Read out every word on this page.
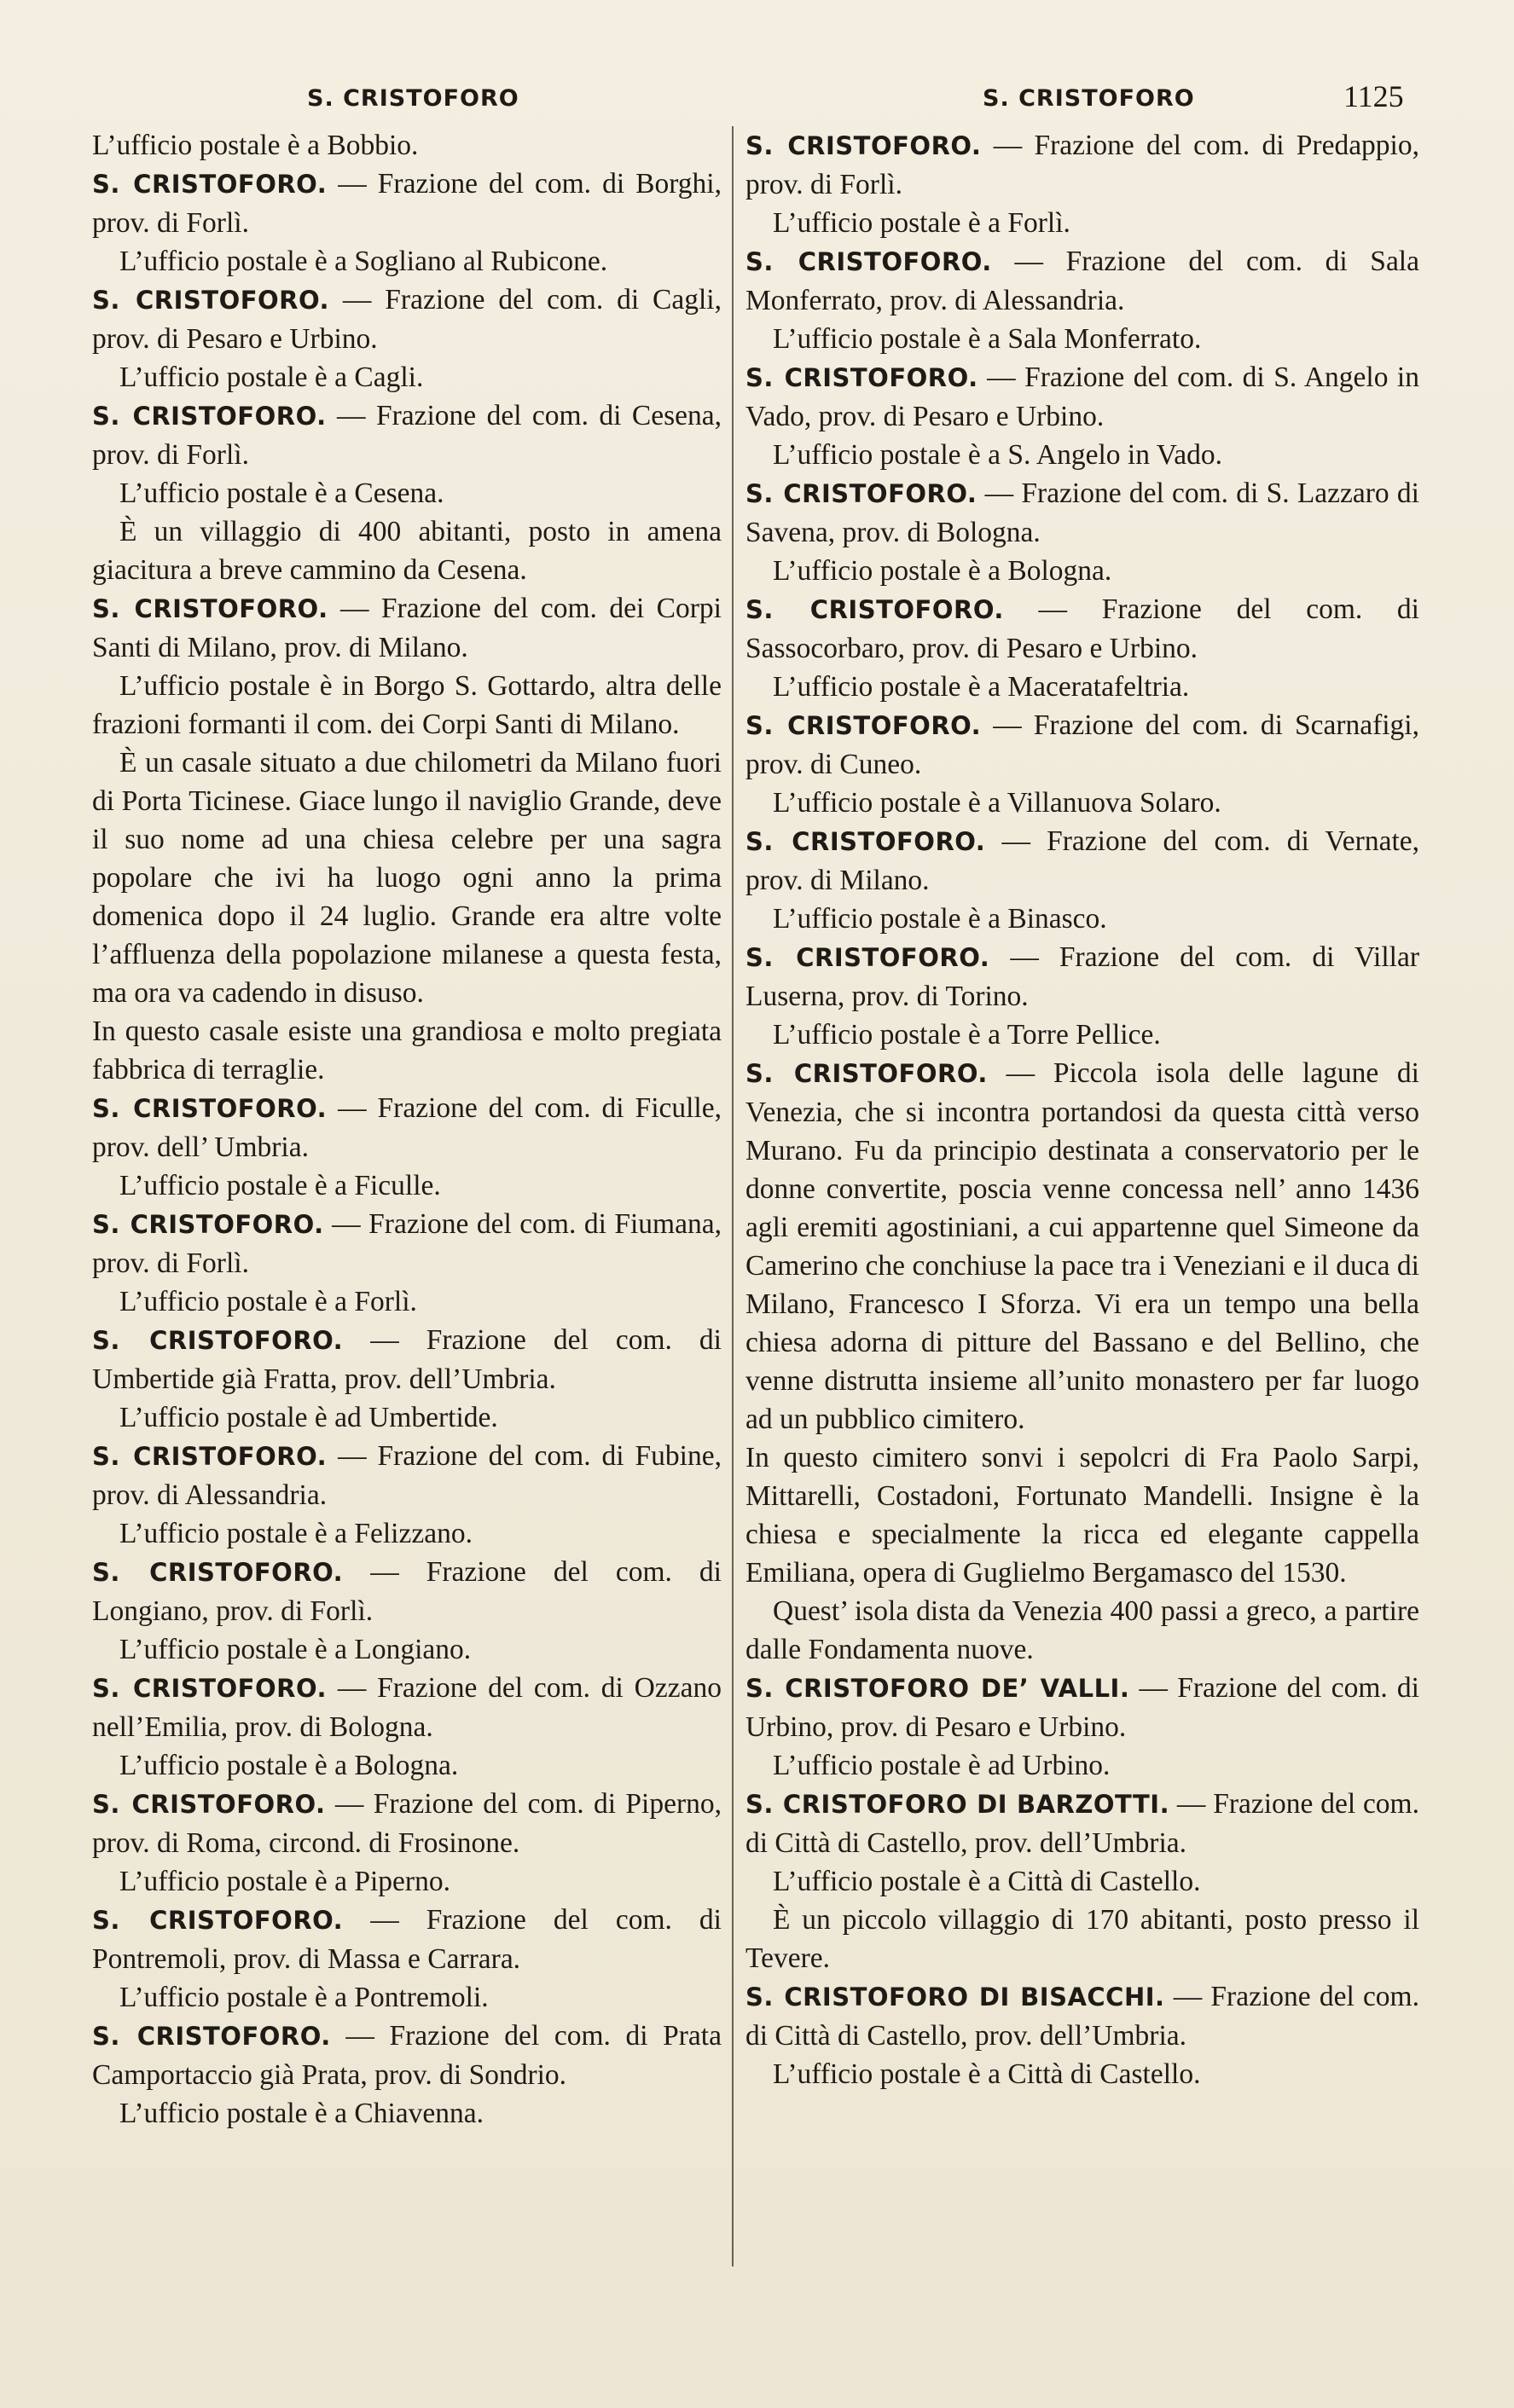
S. CRISTOFORO	S. CRISTOFORO	1125

L’ufficio postale è a Bobbio.

S. CRISTOFORO. — Frazione del com. di Borghi, prov. di Forlì.

L’ufficio postale è a Sogliano al Rubicone.

S. CRISTOFORO. — Frazione del com. di Cagli, prov. di Pesaro e Urbino.

L’ufficio postale è a Cagli.

S. CRISTOFORO. — Frazione del com. di Cesena, prov. di Forlì.

L’ufficio postale è a Cesena.

È un villaggio di 400 abitanti, posto in amena giacitura a breve cammino da Cesena.

S. CRISTOFORO. — Frazione del com. dei Corpi Santi di Milano, prov. di Milano.

L’ufficio postale è in Borgo S. Gottardo, altra delle frazioni formanti il com. dei Corpi Santi di Milano.

È un casale situato a due chilometri da Milano fuori di Porta Ticinese. Giace lungo il naviglio Grande, deve il suo nome ad una chiesa celebre per una sagra popolare che ivi ha luogo ogni anno la prima domenica dopo il 24 luglio. Grande era altre volte l’affluenza della popolazione milanese a questa festa, ma ora va cadendo in disuso.

In questo casale esiste una grandiosa e molto pregiata fabbrica di terraglie.

S. CRISTOFORO. — Frazione del com. di Ficulle, prov. dell’ Umbria.

L’ufficio postale è a Ficulle.

S. CRISTOFORO. — Frazione del com. di Fiumana, prov. di Forlì.

L’ufficio postale è a Forlì.

S. CRISTOFORO. — Frazione del com. di Umbertide già Fratta, prov. dell’Umbria.

L’ufficio postale è ad Umbertide.

S. CRISTOFORO. — Frazione del com. di Fubine, prov. di Alessandria.

L’ufficio postale è a Felizzano.

S. CRISTOFORO. — Frazione del com. di Longiano, prov. di Forlì.

L’ufficio postale è a Longiano.

S. CRISTOFORO. — Frazione del com. di Ozzano nell’Emilia, prov. di Bologna.

L’ufficio postale è a Bologna.

S. CRISTOFORO. — Frazione del com. di Piperno, prov. di Roma, circond. di Frosinone.

L’ufficio postale è a Piperno.

S. CRISTOFORO. — Frazione del com. di Pontremoli, prov. di Massa e Carrara.

L’ufficio postale è a Pontremoli.

S. CRISTOFORO. — Frazione del com. di Prata Camportaccio già Prata, prov. di Sondrio.

L’ufficio postale è a Chiavenna.

S. CRISTOFORO. — Frazione del com. di Predappio, prov. di Forlì.

L’ufficio postale è a Forlì.

S. CRISTOFORO. — Frazione del com. di Sala Monferrato, prov. di Alessandria.

L’ufficio postale è a Sala Monferrato.

S. CRISTOFORO. — Frazione del com. di S. Angelo in Vado, prov. di Pesaro e Urbino.

L’ufficio postale è a S. Angelo in Vado.

S. CRISTOFORO. — Frazione del com. di S. Lazzaro di Savena, prov. di Bologna.

L’ufficio postale è a Bologna.

S. CRISTOFORO. — Frazione del com. di Sassocorbaro, prov. di Pesaro e Urbino.

L’ufficio postale è a Maceratafeltria.

S. CRISTOFORO. — Frazione del com. di Scarnafigi, prov. di Cuneo.

L’ufficio postale è a Villanuova Solaro.

S. CRISTOFORO. — Frazione del com. di Vernate, prov. di Milano.

L’ufficio postale è a Binasco.

S. CRISTOFORO. — Frazione del com. di Villar Luserna, prov. di Torino.

L’ufficio postale è a Torre Pellice.

S. CRISTOFORO. — Piccola isola delle lagune di Venezia, che si incontra portandosi da questa città verso Murano. Fu da principio destinata a conservatorio per le donne convertite, poscia venne concessa nell’ anno 1436 agli eremiti agostiniani, a cui appartenne quel Simeone da Camerino che conchiuse la pace tra i Veneziani e il duca di Milano, Francesco I Sforza. Vi era un tempo una bella chiesa adorna di pitture del Bassano e del Bellino, che venne distrutta insieme all’unito monastero per far luogo ad un pubblico cimitero.

In questo cimitero sonvi i sepolcri di Fra Paolo Sarpi, Mittarelli, Costadoni, Fortunato Mandelli. Insigne è la chiesa e specialmente la ricca ed elegante cappella Emiliana, opera di Guglielmo Bergamasco del 1530.

Quest’ isola dista da Venezia 400 passi a greco, a partire dalle Fondamenta nuove.

S. CRISTOFORO DE’ VALLI. — Frazione del com. di Urbino, prov. di Pesaro e Urbino.

L’ufficio postale è ad Urbino.

S. CRISTOFORO DI BARZOTTI. — Frazione del com. di Città di Castello, prov. dell’Umbria.

L’ufficio postale è a Città di Castello.

È un piccolo villaggio di 170 abitanti, posto presso il Tevere.

S. CRISTOFORO DI BISACCHI. — Frazione del com. di Città di Castello, prov. dell’Umbria.

L’ufficio postale è a Città di Castello.
